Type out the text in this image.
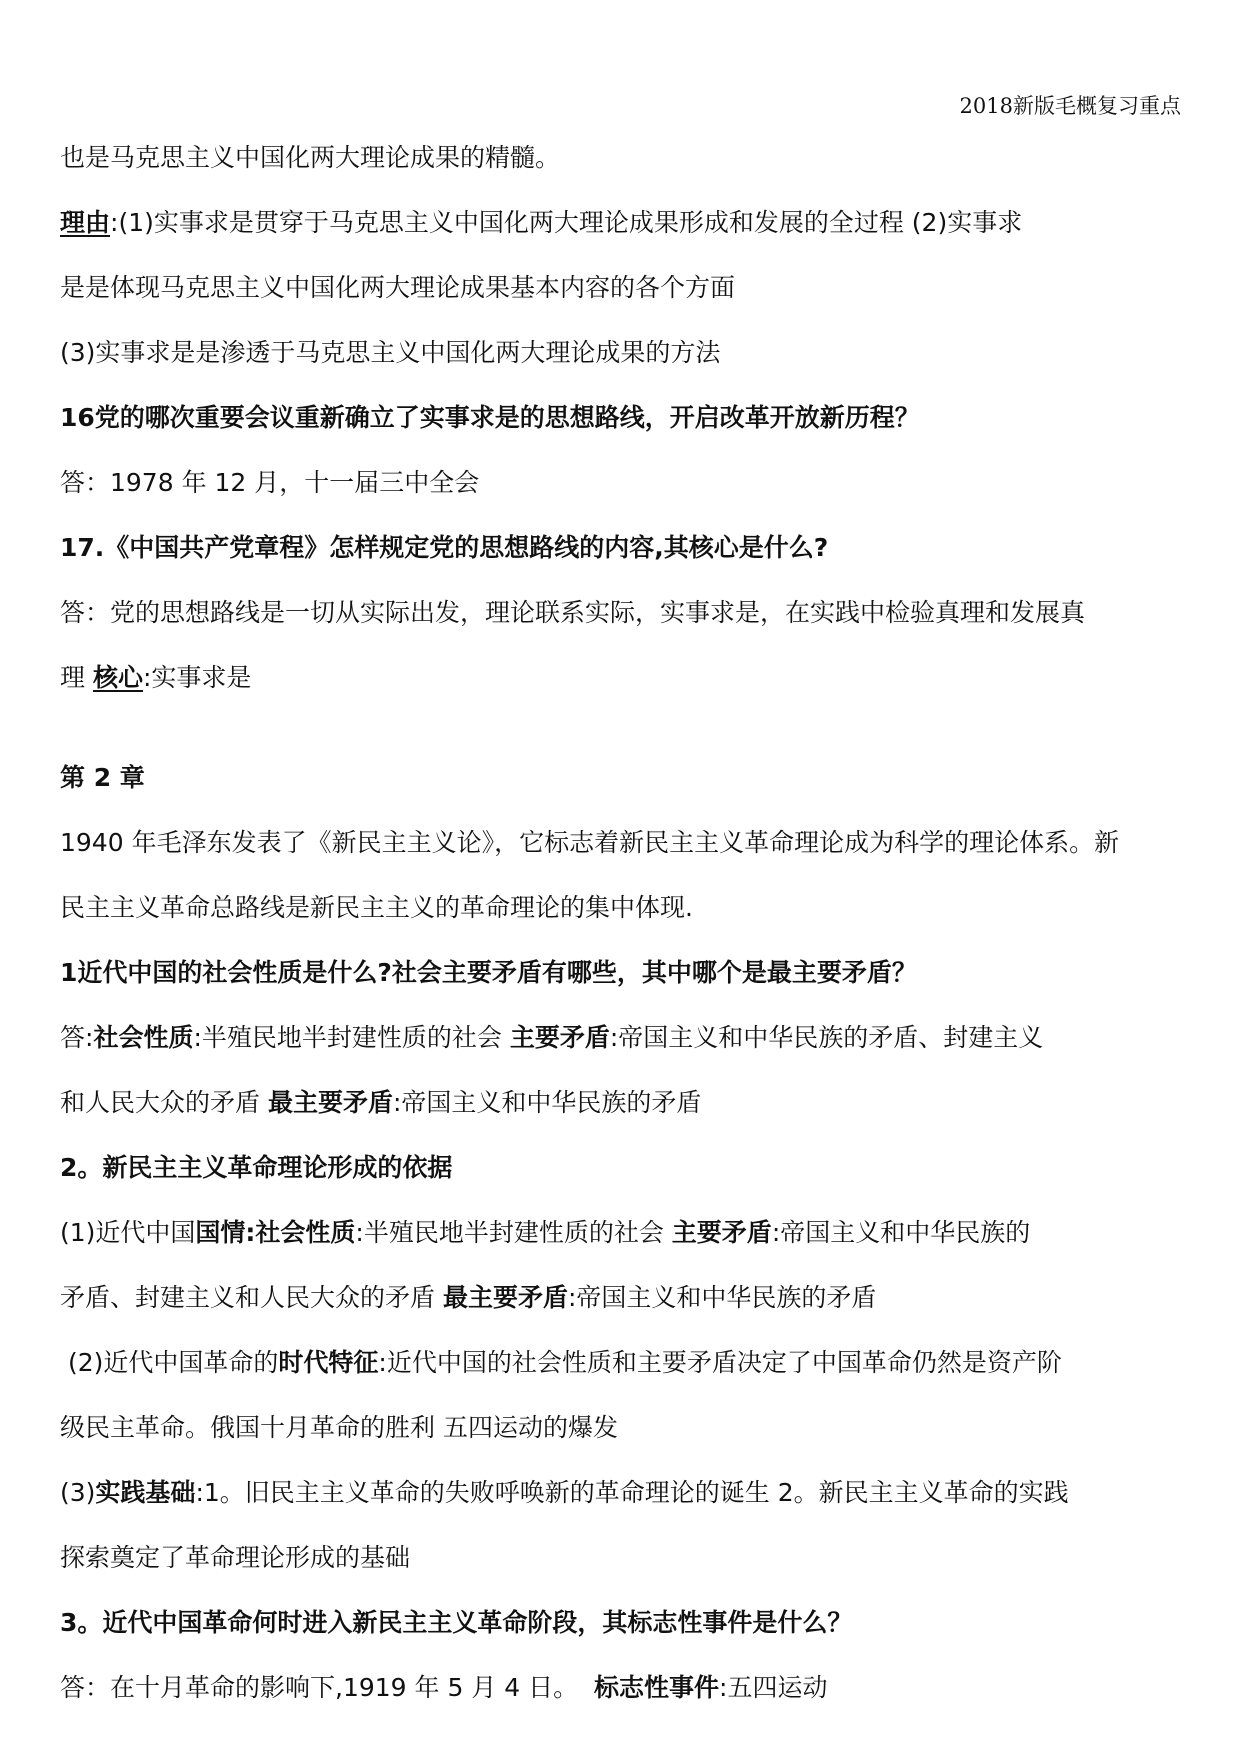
2018新版毛概复习重点
也是马克思主义中国化两大理论成果的精髓。
理由:(1)实事求是贯穿于马克思主义中国化两大理论成果形成和发展的全过程 (2)实事求
是是体现马克思主义中国化两大理论成果基本内容的各个方面
(3)实事求是是渗透于马克思主义中国化两大理论成果的方法
16党的哪次重要会议重新确立了实事求是的思想路线，开启改革开放新历程？
答：1978 年 12 月，十一届三中全会
17.《中国共产党章程》怎样规定党的思想路线的内容,其核心是什么?
答：党的思想路线是一切从实际出发，理论联系实际，实事求是，在实践中检验真理和发展真
理 核心:实事求是
第 2 章
1940 年毛泽东发表了《新民主主义论》，它标志着新民主主义革命理论成为科学的理论体系。新
民主主义革命总路线是新民主主义的革命理论的集中体现.
1近代中国的社会性质是什么?社会主要矛盾有哪些，其中哪个是最主要矛盾？
答:社会性质:半殖民地半封建性质的社会 主要矛盾:帝国主义和中华民族的矛盾、封建主义
和人民大众的矛盾 最主要矛盾:帝国主义和中华民族的矛盾
2。新民主主义革命理论形成的依据
(1)近代中国国情:社会性质:半殖民地半封建性质的社会 主要矛盾:帝国主义和中华民族的
矛盾、封建主义和人民大众的矛盾 最主要矛盾:帝国主义和中华民族的矛盾
(2)近代中国革命的时代特征:近代中国的社会性质和主要矛盾决定了中国革命仍然是资产阶
级民主革命。俄国十月革命的胜利 五四运动的爆发
(3)实践基础:1。旧民主主义革命的失败呼唤新的革命理论的诞生 2。新民主主义革命的实践
探索奠定了革命理论形成的基础
3。近代中国革命何时进入新民主主义革命阶段，其标志性事件是什么？
答：在十月革命的影响下,1919 年 5 月 4 日。  标志性事件:五四运动
